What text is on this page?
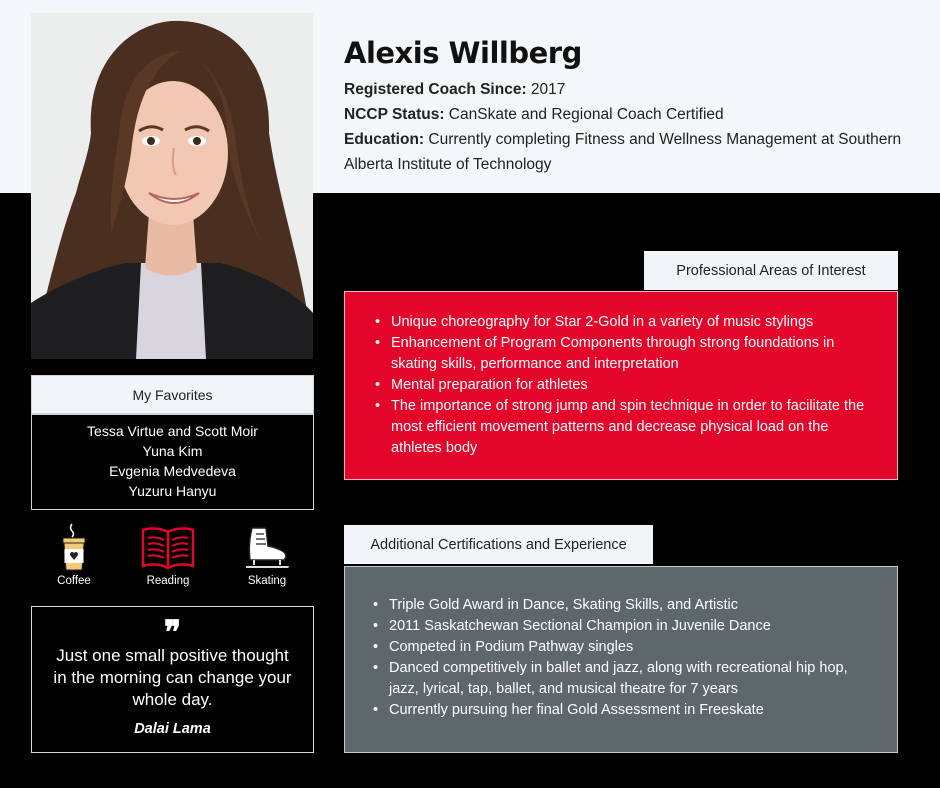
Alexis Willberg
Registered Coach Since: 2017
NCCP Status: CanSkate and Regional Coach Certified
Education: Currently completing Fitness and Wellness Management at Southern Alberta Institute of Technology
My Favorites
Tessa Virtue and Scott Moir
Yuna Kim
Evgenia Medvedeva
Yuzuru Hanyu
Coffee	Reading	Skating
❞
Just one small positive thought in the morning can change your whole day.
Dalai Lama
Professional Areas of Interest
• Unique choreography for Star 2-Gold in a variety of music stylings
• Enhancement of Program Components through strong foundations in skating skills, performance and interpretation
• Mental preparation for athletes
• The importance of strong jump and spin technique in order to facilitate the most efficient movement patterns and decrease physical load on the athletes body
Additional Certifications and Experience
• Triple Gold Award in Dance, Skating Skills, and Artistic
• 2011 Saskatchewan Sectional Champion in Juvenile Dance
• Competed in Podium Pathway singles
• Danced competitively in ballet and jazz, along with recreational hip hop, jazz, lyrical, tap, ballet, and musical theatre for 7 years
• Currently pursuing her final Gold Assessment in Freeskate
